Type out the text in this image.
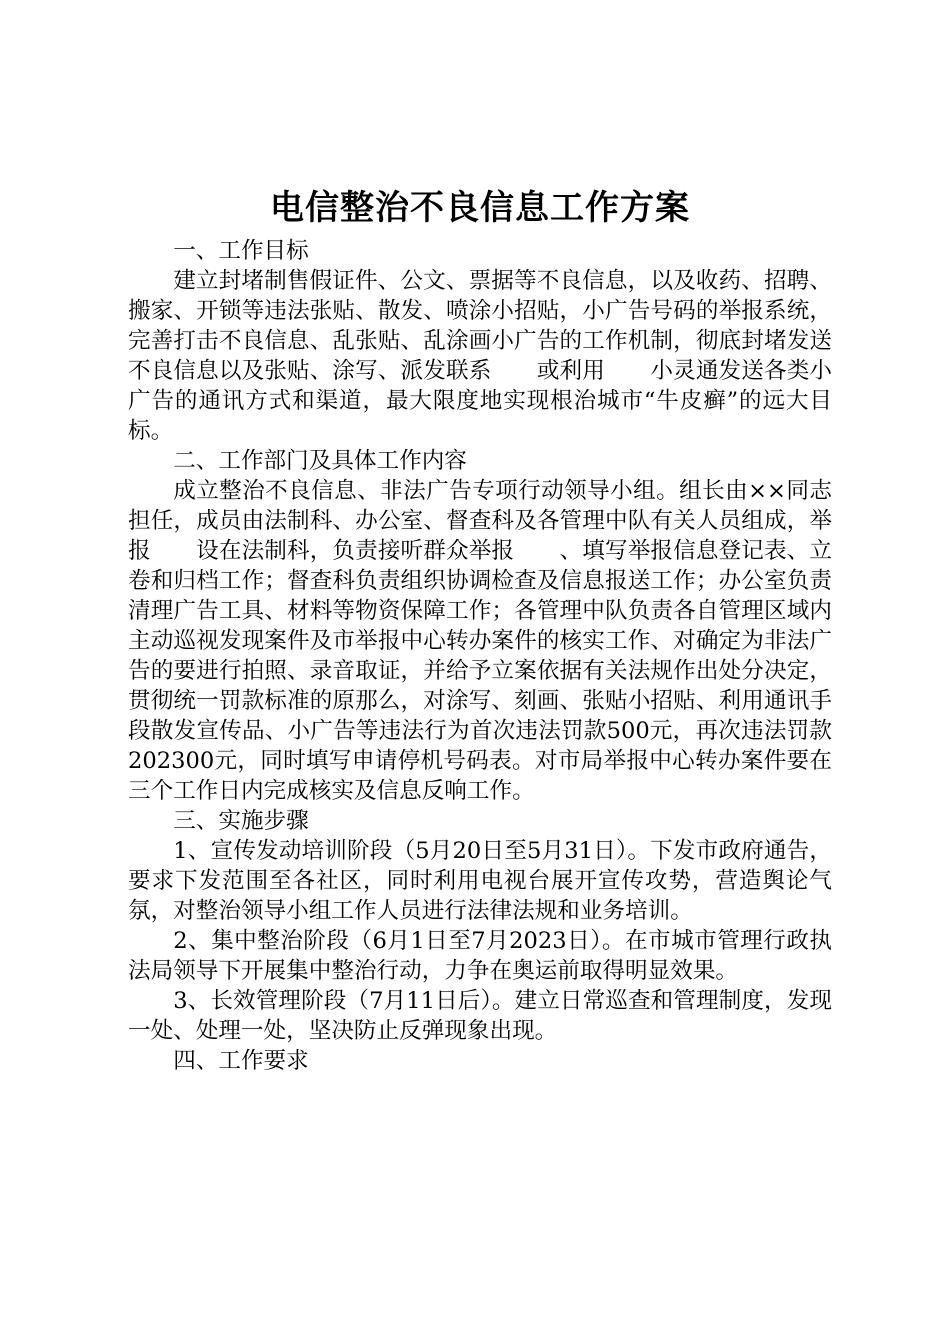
电信整治不良信息工作方案

一、工作目标

建立封堵制售假证件、公文、票据等不良信息，以及收药、招聘、搬家、开锁等违法张贴、散发、喷涂小招贴，小广告号码的举报系统，完善打击不良信息、乱张贴、乱涂画小广告的工作机制，彻底封堵发送不良信息以及张贴、涂写、派发联系　　或利用　　小灵通发送各类小广告的通讯方式和渠道，最大限度地实现根治城市“牛皮癣”的远大目标。

二、工作部门及具体工作内容

成立整治不良信息、非法广告专项行动领导小组。组长由××同志担任，成员由法制科、办公室、督查科及各管理中队有关人员组成，举报　　设在法制科，负责接听群众举报　　、填写举报信息登记表、立卷和归档工作；督查科负责组织协调检查及信息报送工作；办公室负责清理广告工具、材料等物资保障工作；各管理中队负责各自管理区域内主动巡视发现案件及市举报中心转办案件的核实工作、对确定为非法广告的要进行拍照、录音取证，并给予立案依据有关法规作出处分决定，贯彻统一罚款标准的原那么，对涂写、刻画、张贴小招贴、利用通讯手段散发宣传品、小广告等违法行为首次违法罚款500元，再次违法罚款202300元，同时填写申请停机号码表。对市局举报中心转办案件要在三个工作日内完成核实及信息反响工作。

三、实施步骤

1、宣传发动培训阶段（5月20日至5月31日）。下发市政府通告，要求下发范围至各社区，同时利用电视台展开宣传攻势，营造舆论气氛，对整治领导小组工作人员进行法律法规和业务培训。

2、集中整治阶段（6月1日至7月2023日）。在市城市管理行政执法局领导下开展集中整治行动，力争在奥运前取得明显效果。

3、长效管理阶段（7月11日后）。建立日常巡查和管理制度，发现一处、处理一处，坚决防止反弹现象出现。

四、工作要求
